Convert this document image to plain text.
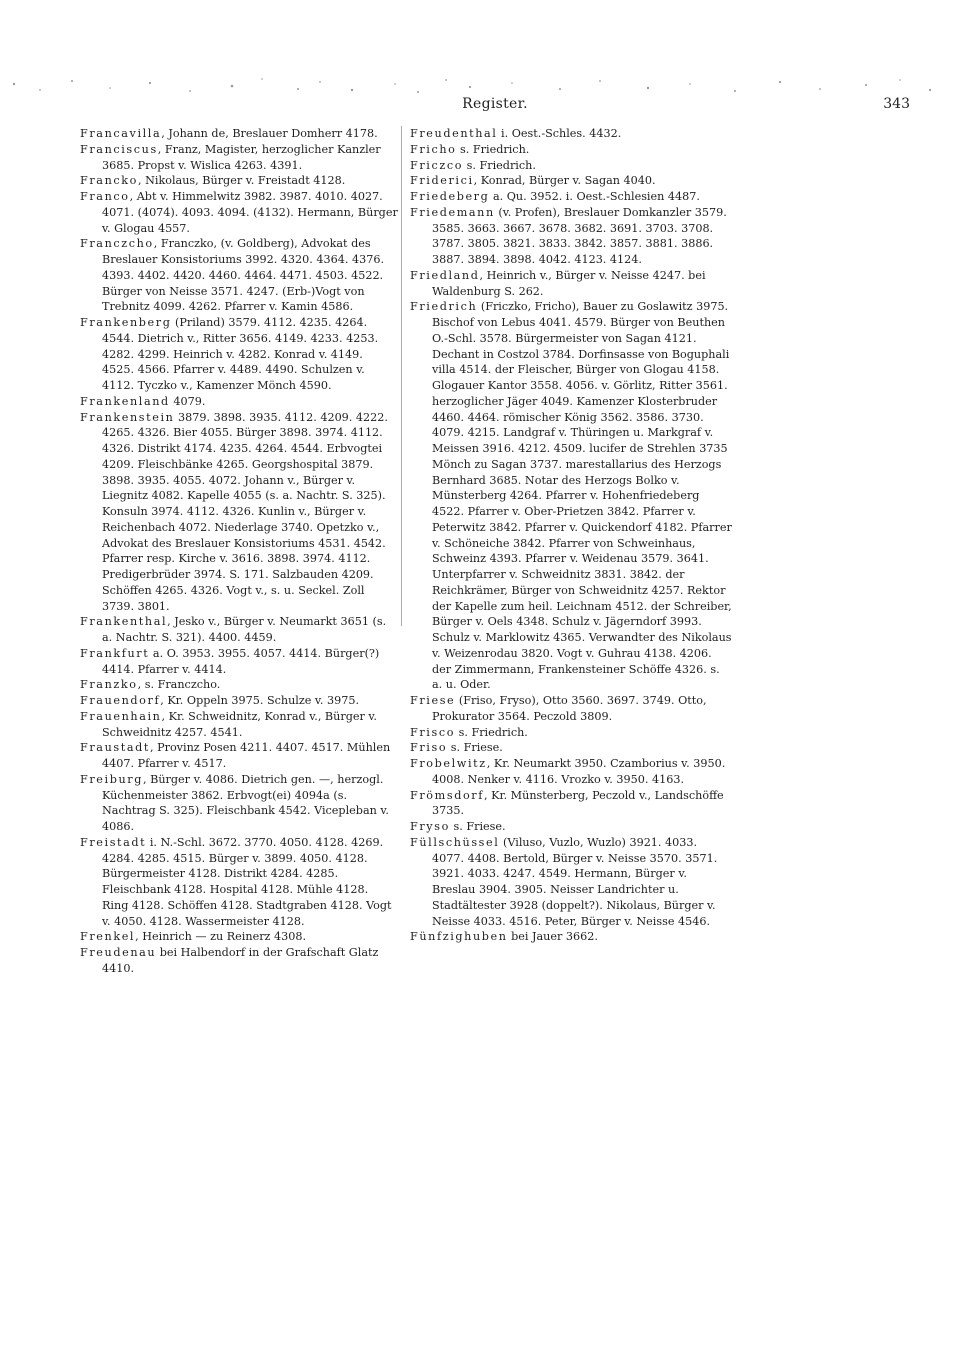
Register.	343

Francavilla, Johann de, Breslauer Domherr 4178.

Franciscus, Franz, Magister, herzoglicher Kanzler 3685. Propst v. Wislica 4263. 4391.

Francko, Nikolaus, Bürger v. Freistadt 4128.

Franco, Abt v. Himmelwitz 3982. 3987. 4010. 4027. 4071. (4074). 4093. 4094. (4132). Hermann, Bürger v. Glogau 4557.

Franczcho, Franczko, (v. Goldberg), Advokat des Breslauer Konsistoriums 3992. 4320. 4364. 4376. 4393. 4402. 4420. 4460. 4464. 4471. 4503. 4522. Bürger von Neisse 3571. 4247. (Erb-)Vogt von Trebnitz 4099. 4262. Pfarrer v. Kamin 4586.

Frankenberg (Priland) 3579. 4112. 4235. 4264. 4544. Dietrich v., Ritter 3656. 4149. 4233. 4253. 4282. 4299. Heinrich v. 4282. Konrad v. 4149. 4525. 4566. Pfarrer v. 4489. 4490. Schulzen v. 4112. Tyczko v., Kamenzer Mönch 4590.

Frankenland 4079.

Frankenstein 3879. 3898. 3935. 4112. 4209. 4222. 4265. 4326. Bier 4055. Bürger 3898. 3974. 4112. 4326. Distrikt 4174. 4235. 4264. 4544. Erbvogtei 4209. Fleischbänke 4265. Georgshospital 3879. 3898. 3935. 4055. 4072. Johann v., Bürger v. Liegnitz 4082. Kapelle 4055 (s. a. Nachtr. S. 325). Konsuln 3974. 4112. 4326. Kunlin v., Bürger v. Reichenbach 4072. Niederlage 3740. Opetzko v., Advokat des Breslauer Konsistoriums 4531. 4542. Pfarrer resp. Kirche v. 3616. 3898. 3974. 4112. Predigerbrüder 3974. S. 171. Salzbauden 4209. Schöffen 4265. 4326. Vogt v., s. u. Seckel. Zoll 3739. 3801.

Frankenthal, Jesko v., Bürger v. Neumarkt 3651 (s. a. Nachtr. S. 321). 4400. 4459.

Frankfurt a. O. 3953. 3955. 4057. 4414. Bürger(?) 4414. Pfarrer v. 4414.

Franzko, s. Franczcho.

Frauendorf, Kr. Oppeln 3975. Schulze v. 3975.

Frauenhain, Kr. Schweidnitz, Konrad v., Bürger v. Schweidnitz 4257. 4541.

Fraustadt, Provinz Posen 4211. 4407. 4517. Mühlen 4407. Pfarrer v. 4517.

Freiburg, Bürger v. 4086. Dietrich gen. —, herzogl. Küchenmeister 3862. Erbvogt(ei) 4094a (s. Nachtrag S. 325). Fleischbank 4542. Vicepleban v. 4086.

Freistadt i. N.-Schl. 3672. 3770. 4050. 4128. 4269. 4284. 4285. 4515. Bürger v. 3899. 4050. 4128. Bürgermeister 4128. Distrikt 4284. 4285. Fleischbank 4128. Hospital 4128. Mühle 4128. Ring 4128. Schöffen 4128. Stadtgraben 4128. Vogt v. 4050. 4128. Wassermeister 4128.

Frenkel, Heinrich — zu Reinerz 4308.

Freudenau bei Halbendorf in der Grafschaft Glatz 4410.

Freudenthal i. Oest.-Schles. 4432.

Fricho s. Friedrich.

Friczco s. Friedrich.

Friderici, Konrad, Bürger v. Sagan 4040.

Friedeberg a. Qu. 3952. i. Oest.-Schlesien 4487.

Friedemann (v. Profen), Breslauer Domkanzler 3579. 3585. 3663. 3667. 3678. 3682. 3691. 3703. 3708. 3787. 3805. 3821. 3833. 3842. 3857. 3881. 3886. 3887. 3894. 3898. 4042. 4123. 4124.

Friedland, Heinrich v., Bürger v. Neisse 4247. bei Waldenburg S. 262.

Friedrich (Friczko, Fricho), Bauer zu Goslawitz 3975. Bischof von Lebus 4041. 4579. Bürger von Beuthen O.-Schl. 3578. Bürgermeister von Sagan 4121. Dechant in Costzol 3784. Dorfinsasse von Boguphali villa 4514. der Fleischer, Bürger von Glogau 4158. Glogauer Kantor 3558. 4056. v. Görlitz, Ritter 3561. herzoglicher Jäger 4049. Kamenzer Klosterbruder 4460. 4464. römischer König 3562. 3586. 3730. 4079. 4215. Landgraf v. Thüringen u. Markgraf v. Meissen 3916. 4212. 4509. lucifer de Strehlen 3735 Mönch zu Sagan 3737. marestallarius des Herzogs Bernhard 3685. Notar des Herzogs Bolko v. Münsterberg 4264. Pfarrer v. Hohenfriedeberg 4522. Pfarrer v. Ober-Prietzen 3842. Pfarrer v. Peterwitz 3842. Pfarrer v. Quickendorf 4182. Pfarrer v. Schöneiche 3842. Pfarrer von Schweinhaus, Schweinz 4393. Pfarrer v. Weidenau 3579. 3641. Unterpfarrer v. Schweidnitz 3831. 3842. der Reichkrämer, Bürger von Schweidnitz 4257. Rektor der Kapelle zum heil. Leichnam 4512. der Schreiber, Bürger v. Oels 4348. Schulz v. Jägerndorf 3993. Schulz v. Marklowitz 4365. Verwandter des Nikolaus v. Weizenrodau 3820. Vogt v. Guhrau 4138. 4206. der Zimmermann, Frankensteiner Schöffe 4326. s. a. u. Oder.

Friese (Friso, Fryso), Otto 3560. 3697. 3749. Otto, Prokurator 3564. Peczold 3809.

Frisco s. Friedrich.

Friso s. Friese.

Frobelwitz, Kr. Neumarkt 3950. Czamborius v. 3950. 4008. Nenker v. 4116. Vrozko v. 3950. 4163.

Frömsdorf, Kr. Münsterberg, Peczold v., Landschöffe 3735.

Fryso s. Friese.

Füllschüssel (Viluso, Vuzlo, Wuzlo) 3921. 4033. 4077. 4408. Bertold, Bürger v. Neisse 3570. 3571. 3921. 4033. 4247. 4549. Hermann, Bürger v. Breslau 3904. 3905. Neisser Landrichter u. Stadtältester 3928 (doppelt?). Nikolaus, Bürger v. Neisse 4033. 4516. Peter, Bürger v. Neisse 4546.

Fünfzighuben bei Jauer 3662.
